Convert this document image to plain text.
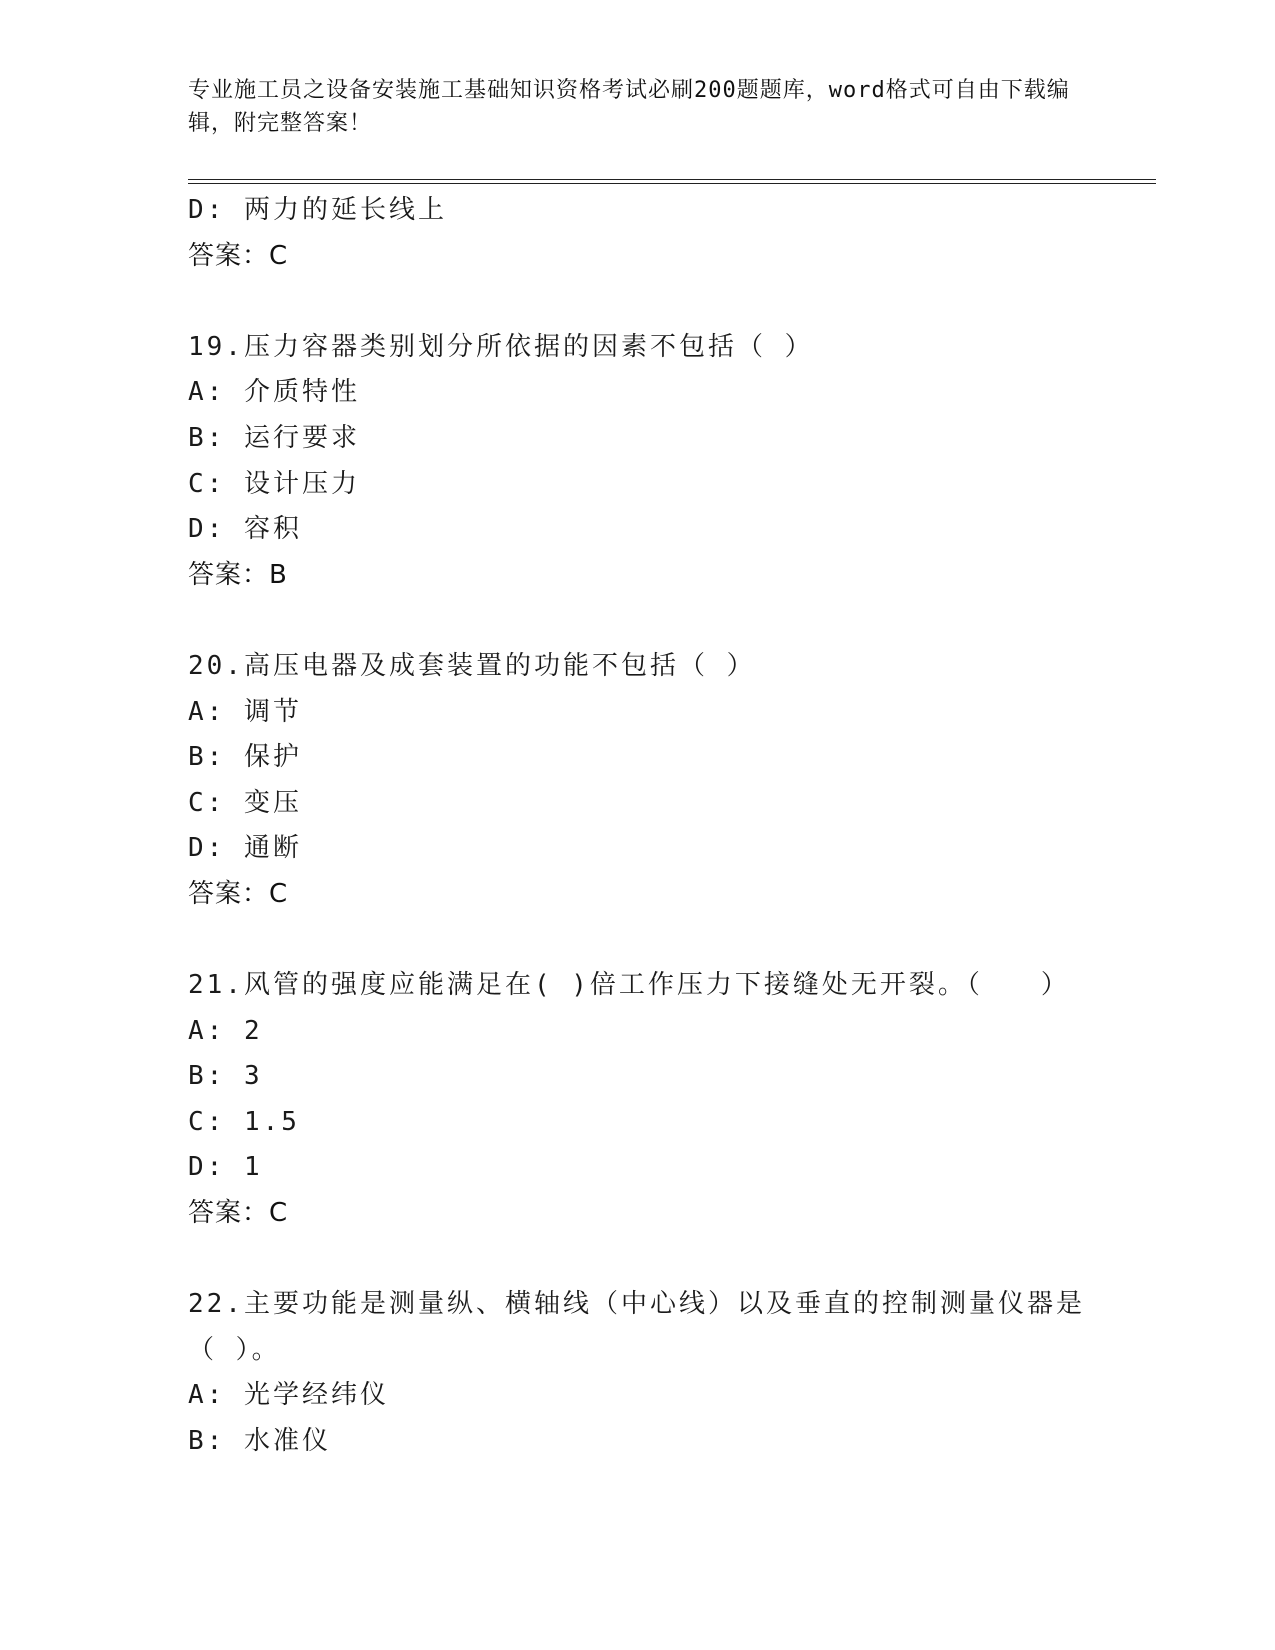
专业施工员之设备安装施工基础知识资格考试必刷200题题库，word格式可自由下载编辑，附完整答案！
D: 两力的延长线上
答案：C
19.压力容器类别划分所依据的因素不包括（ ）
A: 介质特性
B: 运行要求
C: 设计压力
D: 容积
答案：B
20.高压电器及成套装置的功能不包括（ ）
A: 调节
B: 保护
C: 变压
D: 通断
答案：C
21.风管的强度应能满足在( )倍工作压力下接缝处无开裂。（　　）
A: 2
B: 3
C: 1.5
D: 1
答案：C
22.主要功能是测量纵、横轴线（中心线）以及垂直的控制测量仪器是（ ）。
A: 光学经纬仪
B: 水准仪
